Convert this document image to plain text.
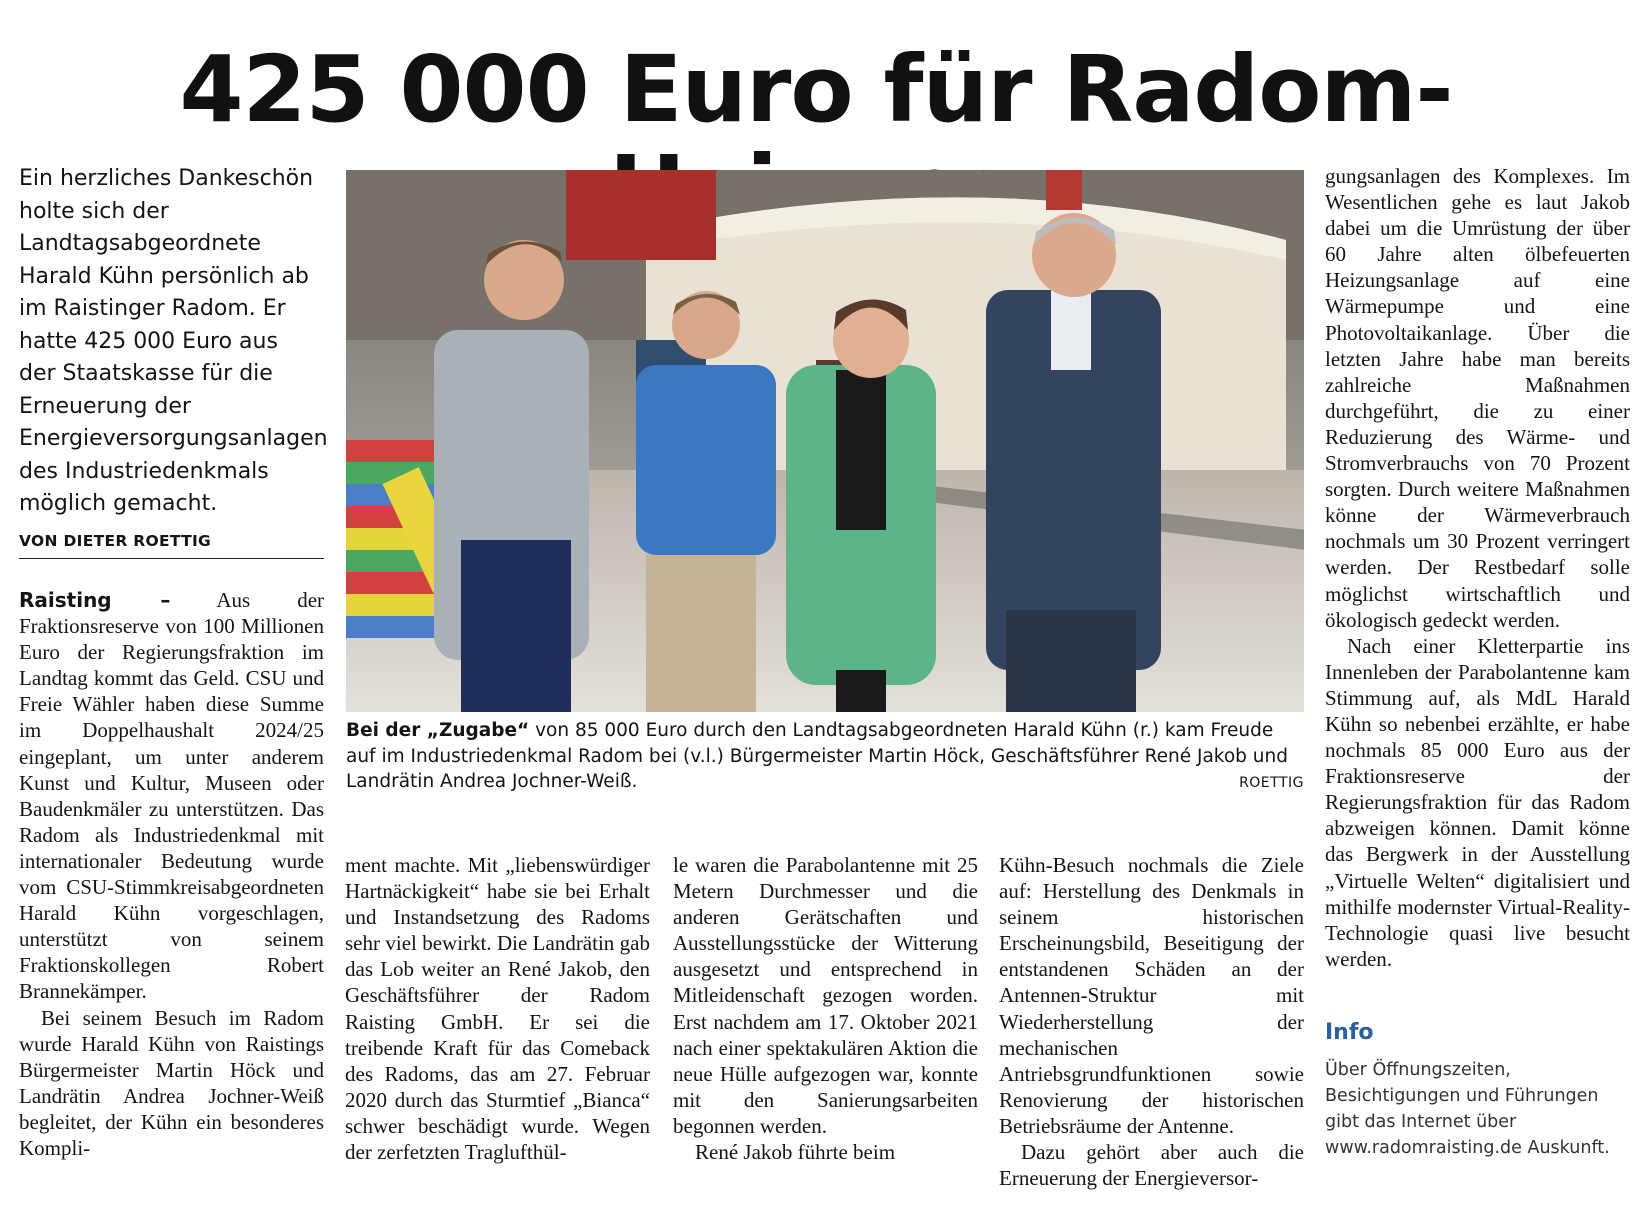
425 000 Euro für Radom-

Ein herzliches Dankeschön holte sich der Landtagsabgeordnete Harald Kühn persönlich ab im Raistinger Radom. Er hatte 425 000 Euro aus der Staatskasse für die Erneuerung der Energieversorgungsanlagen des Industriedenkmals möglich gemacht.

VON DIETER ROETTIG

Raisting – Aus der Fraktionsreserve von 100 Millionen Euro der Regierungsfraktion im Landtag kommt das Geld. CSU und Freie Wähler haben diese Summe im Doppelhaushalt 2024/25 eingeplant, um unter anderem Kunst und Kultur, Museen oder Baudenkmäler zu unterstützen. Das Radom als Industriedenkmal mit internationaler Bedeutung wurde vom CSU-Stimmkreisabgeordneten Harald Kühn vorgeschlagen, unterstützt von seinem Fraktionskollegen Robert Brannekämper.

Bei seinem Besuch im Radom wurde Harald Kühn von Raistings Bürgermeister Martin Höck und Landrätin Andrea Jochner-Weiß begleitet, der Kühn ein besonderes Kompli-

Bei der „Zugabe“ von 85 000 Euro durch den Landtagsabgeordneten Harald Kühn (r.) kam Freude auf im Industriedenkmal Radom bei (v.l.) Bürgermeister Martin Höck, Geschäftsführer René Jakob und Landrätin Andrea Jochner-Weiß.	ROETTIG

ment machte. Mit „liebenswürdiger Hartnäckigkeit“ habe sie bei Erhalt und Instandsetzung des Radoms sehr viel bewirkt. Die Landrätin gab das Lob weiter an René Jakob, den Geschäftsführer der Radom Raisting GmbH. Er sei die treibende Kraft für das Comeback des Radoms, das am 27. Februar 2020 durch das Sturmtief „Bianca“ schwer beschädigt wurde. Wegen der zerfetzten Traglufthül-

le waren die Parabolantenne mit 25 Metern Durchmesser und die anderen Gerätschaften und Ausstellungsstücke der Witterung ausgesetzt und entsprechend in Mitleidenschaft gezogen worden. Erst nachdem am 17. Oktober 2021 nach einer spektakulären Aktion die neue Hülle aufgezogen war, konnte mit den Sanierungsarbeiten begonnen werden.

René Jakob führte beim

Kühn-Besuch nochmals die Ziele auf: Herstellung des Denkmals in seinem historischen Erscheinungsbild, Beseitigung der entstandenen Schäden an der Antennen-Struktur mit Wiederherstellung der mechanischen Antriebsgrundfunktionen sowie Renovierung der historischen Betriebsräume der Antenne.

Dazu gehört aber auch die Erneuerung der Energieversor-

gungsanlagen des Komplexes. Im Wesentlichen gehe es laut Jakob dabei um die Umrüstung der über 60 Jahre alten ölbefeuerten Heizungsanlage auf eine Wärmepumpe und eine Photovoltaikanlage. Über die letzten Jahre habe man bereits zahlreiche Maßnahmen durchgeführt, die zu einer Reduzierung des Wärme- und Stromverbrauchs von 70 Prozent sorgten. Durch weitere Maßnahmen könne der Wärmeverbrauch nochmals um 30 Prozent verringert werden. Der Restbedarf solle möglichst wirtschaftlich und ökologisch gedeckt werden.

Nach einer Kletterpartie ins Innenleben der Parabolantenne kam Stimmung auf, als MdL Harald Kühn so nebenbei erzählte, er habe nochmals 85 000 Euro aus der Fraktionsreserve der Regierungsfraktion für das Radom abzweigen können. Damit könne das Bergwerk in der Ausstellung „Virtuelle Welten“ digitalisiert und mithilfe modernster Virtual-Reality-Technologie quasi live besucht werden.

Info

Über Öffnungszeiten, Besichtigungen und Führungen gibt das Internet über www.radomraisting.de Auskunft.
